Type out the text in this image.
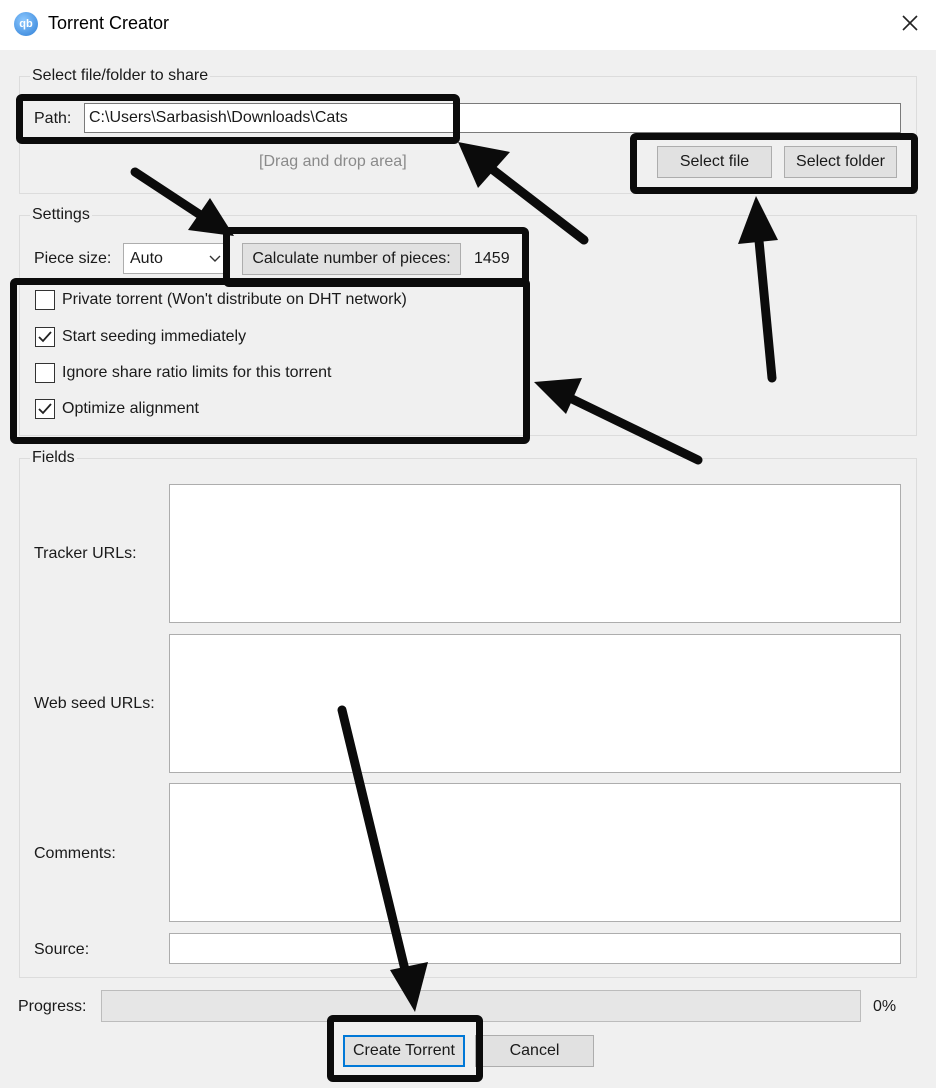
qb Torrent Creator
Select file/folder to share
Path: C:\Users\Sarbasish\Downloads\Cats
[Drag and drop area]	Select file	Select folder
Settings
Piece size: Auto	Calculate number of pieces:	1459
Private torrent (Won't distribute on DHT network)
Start seeding immediately
Ignore share ratio limits for this torrent
Optimize alignment
Fields
Tracker URLs:
Web seed URLs:
Comments:
Source:
Progress:	0%
Create Torrent	Cancel
